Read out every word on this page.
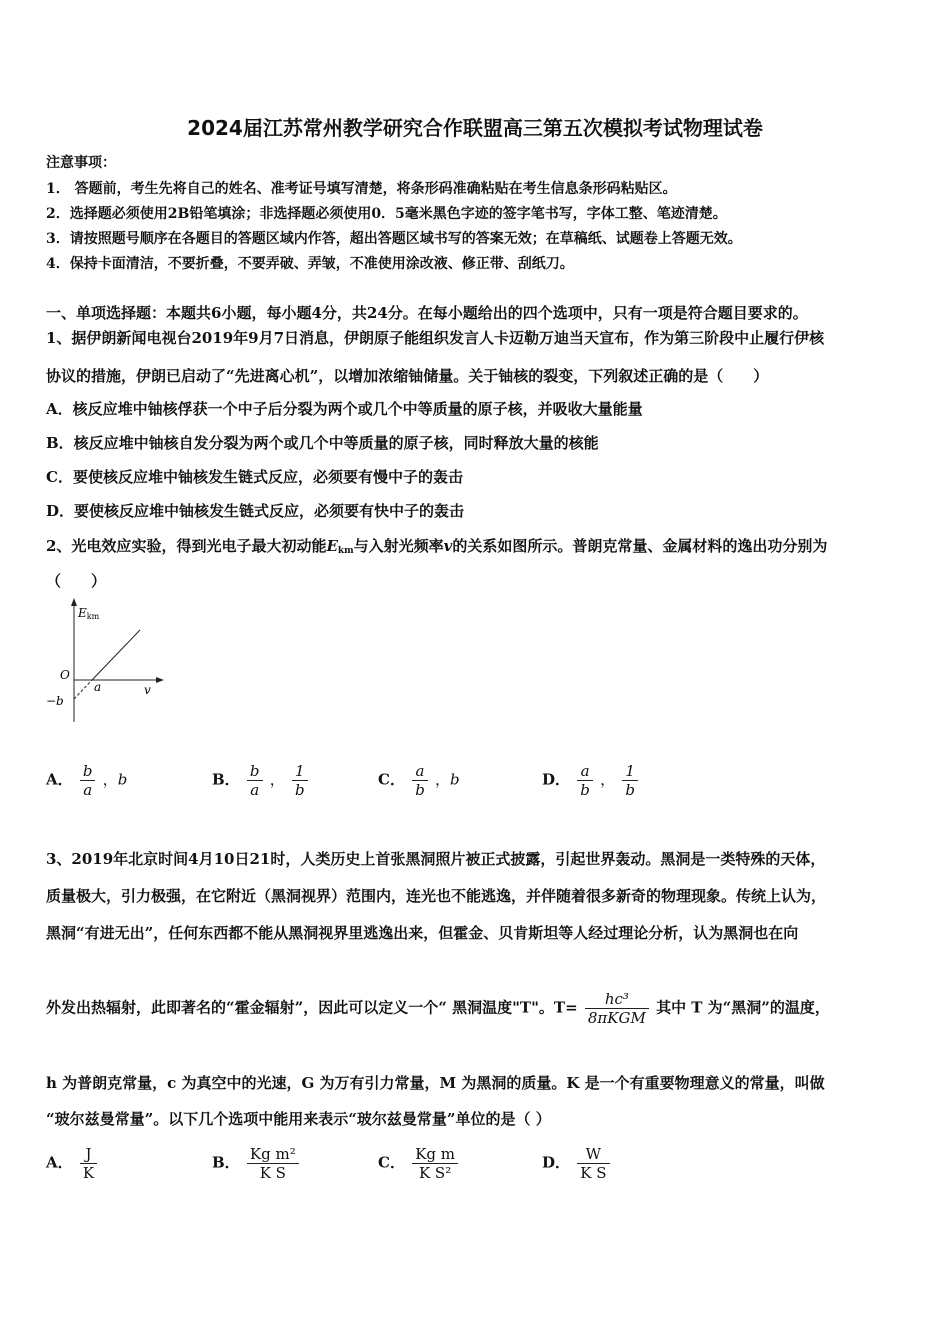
2024届江苏常州教学研究合作联盟高三第五次模拟考试物理试卷
注意事项：
1． 答题前，考生先将自己的姓名、准考证号填写清楚，将条形码准确粘贴在考生信息条形码粘贴区。
2．选择题必须使用2B铅笔填涂；非选择题必须使用0．5毫米黑色字迹的签字笔书写，字体工整、笔迹清楚。
3．请按照题号顺序在各题目的答题区域内作答，超出答题区域书写的答案无效；在草稿纸、试题卷上答题无效。
4．保持卡面清洁，不要折叠，不要弄破、弄皱，不准使用涂改液、修正带、刮纸刀。
一、单项选择题：本题共6小题，每小题4分，共24分。在每小题给出的四个选项中，只有一项是符合题目要求的。
1、据伊朗新闻电视台2019年9月7日消息，伊朗原子能组织发言人卡迈勒万迪当天宣布，作为第三阶段中止履行伊核
协议的措施，伊朗已启动了“先进离心机”，以增加浓缩铀储量。关于铀核的裂变，下列叙述正确的是（　　）
A．核反应堆中铀核俘获一个中子后分裂为两个或几个中等质量的原子核，并吸收大量能量
B．核反应堆中铀核自发分裂为两个或几个中等质量的原子核，同时释放大量的核能
C．要使核反应堆中铀核发生链式反应，必须要有慢中子的轰击
D．要使核反应堆中铀核发生链式反应，必须要有快中子的轰击
2、光电效应实验，得到光电子最大初动能$E_{km}$与入射光频率v的关系如图所示。普朗克常量、金属材料的逸出功分别为
（　　）
Ekm
O
v
a
−b
A． $\frac{b}{a}$ ，b	B． $\frac{b}{a}$ ， $\frac{1}{b}$	C． $\frac{a}{b}$ ，b	D． $\frac{a}{b}$ ， $\frac{1}{b}$
3、2019年北京时间4月10日21时，人类历史上首张黑洞照片被正式披露，引起世界轰动。黑洞是一类特殊的天体，
质量极大，引力极强，在它附近（黑洞视界）范围内，连光也不能逃逸，并伴随着很多新奇的物理现象。传统上认为，
黑洞“有进无出”，任何东西都不能从黑洞视界里逃逸出来，但霍金、贝肯斯坦等人经过理论分析，认为黑洞也在向
外发出热辐射，此即著名的“霍金辐射”，因此可以定义一个“ 黑洞温度"T"。$T= \frac{\text{hc³}}{\text{8πKGM}}$ 其中 T 为“黑洞”的温度，
h 为普朗克常量，c 为真空中的光速，G 为万有引力常量，M 为黑洞的质量。K 是一个有重要物理意义的常量，叫做
“玻尔兹曼常量”。以下几个选项中能用来表示“玻尔兹曼常量”单位的是（ ）
A． $\frac{J}{K}$	B． $\frac{\text{Kg m²}}{\text{K S}}$	C． $\frac{\text{Kg m}}{\text{K S²}}$	D． $\frac{W}{\text{K S}}$
